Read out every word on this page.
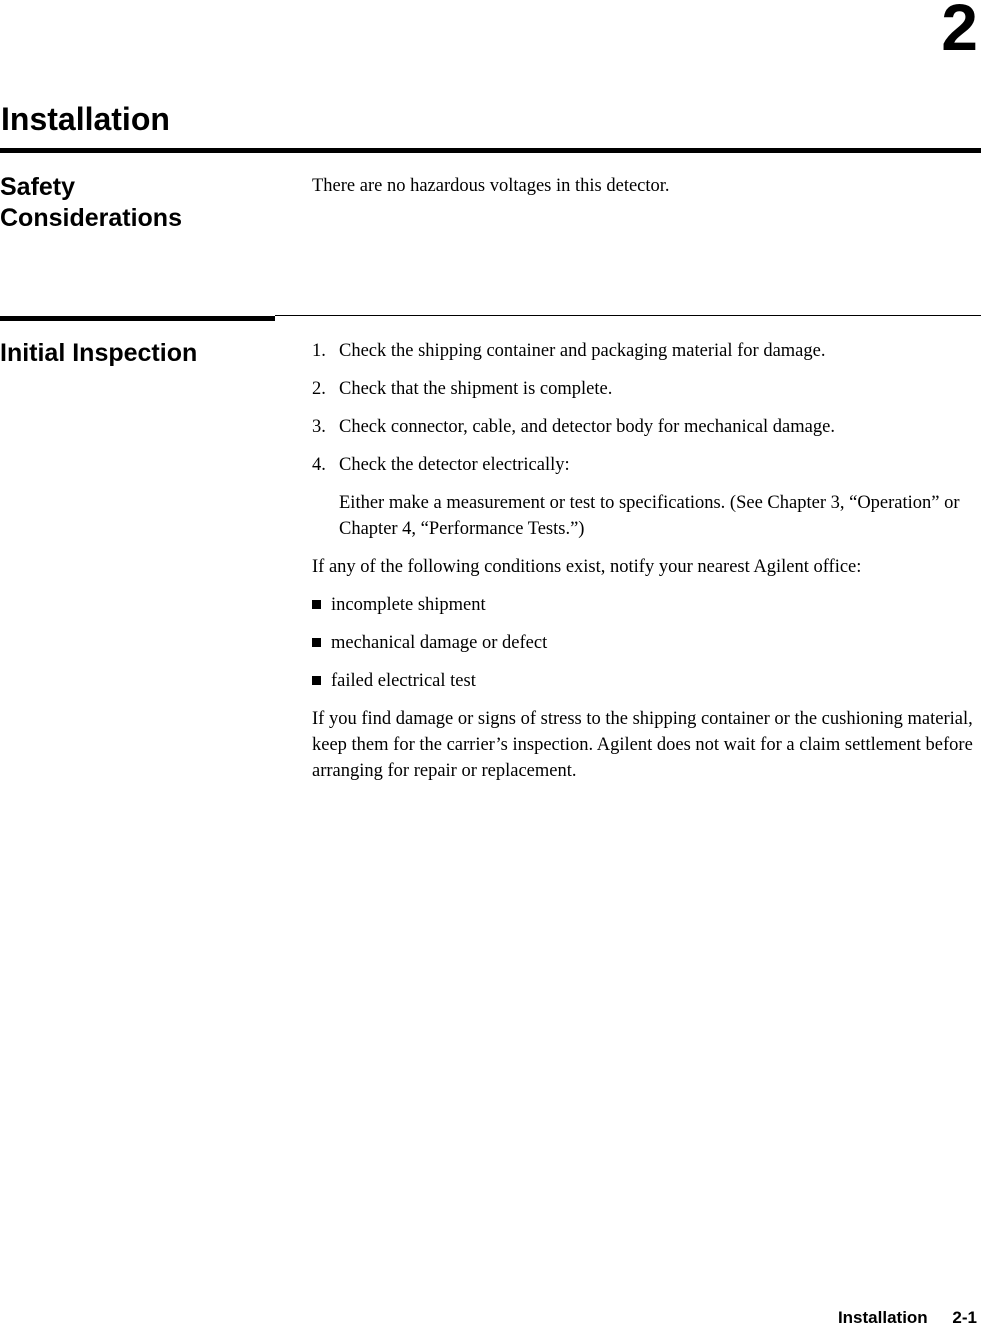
2
Installation
Safety
Considerations
There are no hazardous voltages in this detector.
Initial Inspection	1. Check the shipping container and packaging material for damage.
2. Check that the shipment is complete.
3. Check connector, cable, and detector body for mechanical damage.
4. Check the detector electrically:

Either make a measurement or test to specifications. (See Chapter 3, “Operation” or Chapter 4, “Performance Tests.”)

If any of the following conditions exist, notify your nearest Agilent office:

incomplete shipment
mechanical damage or defect
failed electrical test

If you find damage or signs of stress to the shipping container or the cushioning material, keep them for the carrier’s inspection. Agilent does not wait for a claim settlement before arranging for repair or replacement.

Installation 2-1
